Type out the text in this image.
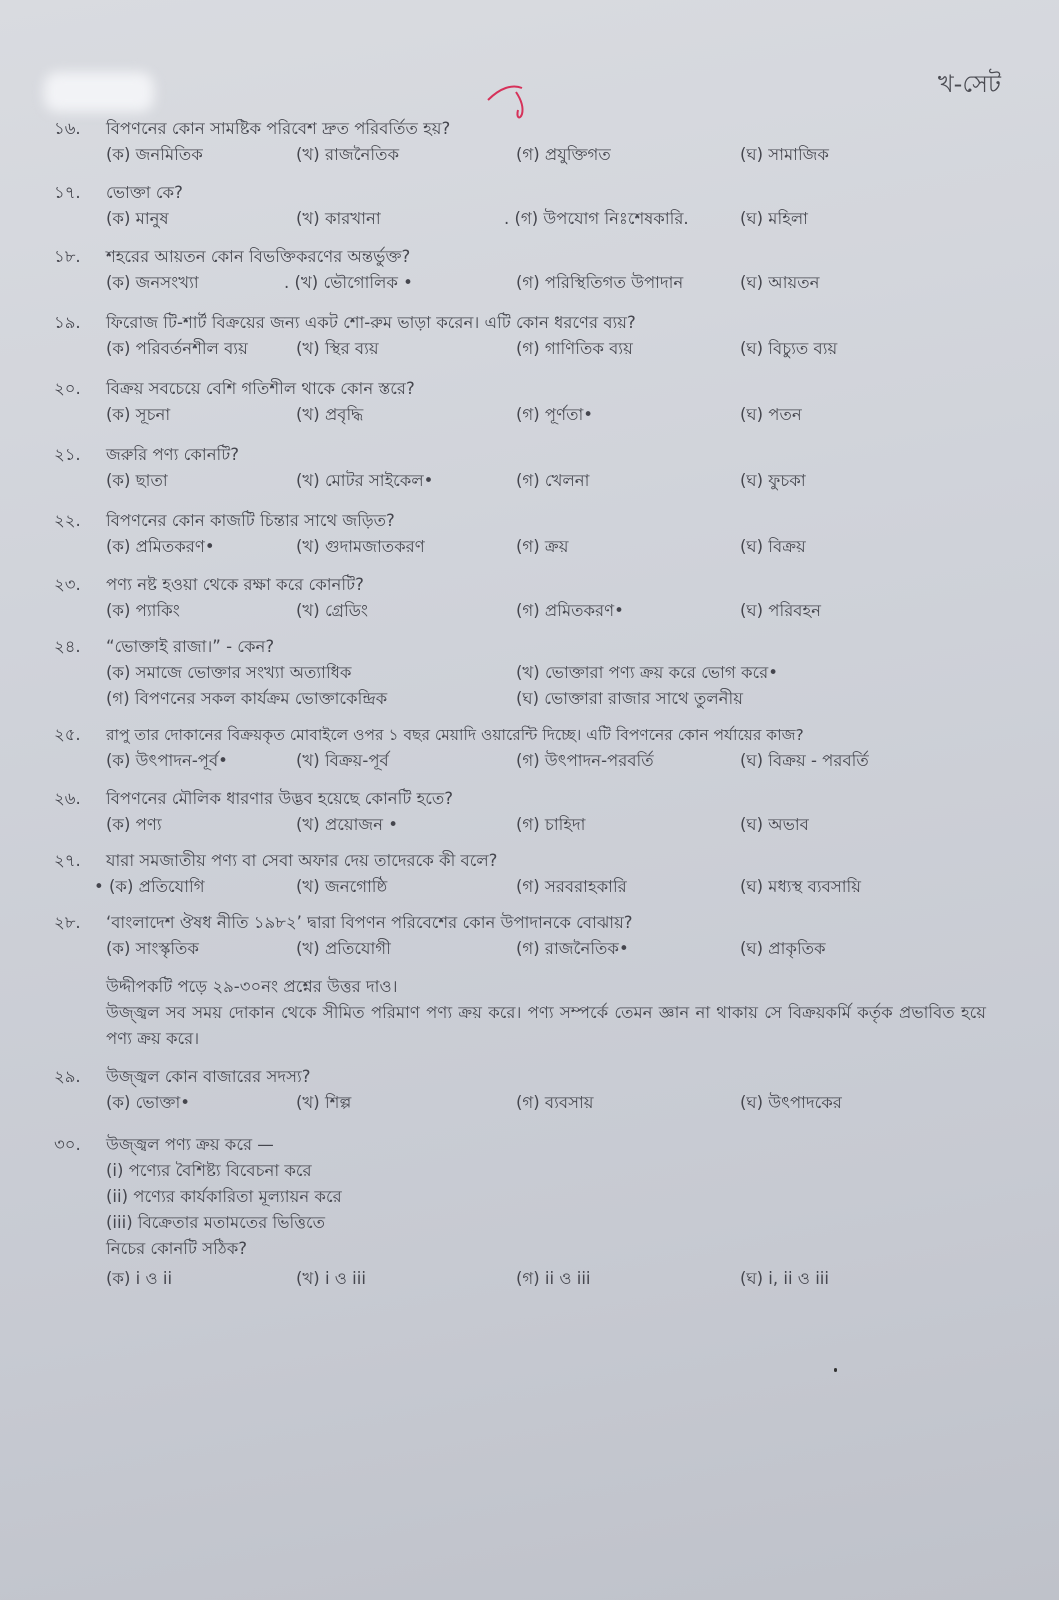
খ-সেট
১৬.	বিপণনের কোন সামষ্টিক পরিবেশ দ্রুত পরিবর্তিত হয়?
(ক) জনমিতিক	(খ) রাজনৈতিক	(গ) প্রযুক্তিগত	(ঘ) সামাজিক
১৭.	ভোক্তা কে?
(ক) মানুষ	(খ) কারখানা	. (গ) উপযোগ নিঃশেষকারি.	(ঘ) মহিলা
১৮.	শহরের আয়তন কোন বিভক্তিকরণের অন্তর্ভুক্ত?
(ক) জনসংখ্যা	. (খ) ভৌগোলিক •	(গ) পরিস্থিতিগত উপাদান	(ঘ) আয়তন
১৯.	ফিরোজ টি-শার্ট বিক্রয়ের জন্য একট শো-রুম ভাড়া করেন। এটি কোন ধরণের ব্যয়?
(ক) পরিবর্তনশীল ব্যয়	(খ) স্থির ব্যয়	(গ) গাণিতিক ব্যয়	(ঘ) বিচ্যুত ব্যয়
২০.	বিক্রয় সবচেয়ে বেশি গতিশীল থাকে কোন স্তরে?
(ক) সূচনা	(খ) প্রবৃদ্ধি	(গ) পূর্ণতা•	(ঘ) পতন
২১.	জরুরি পণ্য কোনটি?
(ক) ছাতা	(খ) মোটর সাইকেল•	(গ) খেলনা	(ঘ) ফুচকা
২২.	বিপণনের কোন কাজটি চিন্তার সাথে জড়িত?
(ক) প্রমিতকরণ•	(খ) গুদামজাতকরণ	(গ) ক্রয়	(ঘ) বিক্রয়
২৩.	পণ্য নষ্ট হওয়া থেকে রক্ষা করে কোনটি?
(ক) প্যাকিং	(খ) গ্রেডিং	(গ) প্রমিতকরণ•	(ঘ) পরিবহন
২৪.	“ভোক্তাই রাজা।” - কেন?
(ক) সমাজে ভোক্তার সংখ্যা অত্যাধিক	(খ) ভোক্তারা পণ্য ক্রয় করে ভোগ করে•
(গ) বিপণনের সকল কার্যক্রম ভোক্তাকেন্দ্রিক	(ঘ) ভোক্তারা রাজার সাথে তুলনীয়
২৫.	রাপু তার দোকানের বিক্রয়কৃত মোবাইলে ওপর ১ বছর মেয়াদি ওয়ারেন্টি দিচ্ছে। এটি বিপণনের কোন পর্যায়ের কাজ?
(ক) উৎপাদন-পূর্ব•	(খ) বিক্রয়-পূর্ব	(গ) উৎপাদন-পরবর্তি	(ঘ) বিক্রয় - পরবর্তি
২৬.	বিপণনের মৌলিক ধারণার উদ্ভব হয়েছে কোনটি হতে?
(ক) পণ্য	(খ) প্রয়োজন •	(গ) চাহিদা	(ঘ) অভাব
২৭.	যারা সমজাতীয় পণ্য বা সেবা অফার দেয় তাদেরকে কী বলে?
• (ক) প্রতিযোগি	(খ) জনগোষ্ঠি	(গ) সরবরাহকারি	(ঘ) মধ্যস্থ ব্যবসায়ি
২৮.	‘বাংলাদেশ ঔষধ নীতি ১৯৮২’ দ্বারা বিপণন পরিবেশের কোন উপাদানকে বোঝায়?
(ক) সাংস্কৃতিক	(খ) প্রতিযোগী	(গ) রাজনৈতিক•	(ঘ) প্রাকৃতিক
উদ্দীপকটি পড়ে ২৯-৩০নং প্রশ্নের উত্তর দাও।
উজ্জ্বল সব সময় দোকান থেকে সীমিত পরিমাণ পণ্য ক্রয় করে। পণ্য সম্পর্কে তেমন জ্ঞান না থাকায় সে বিক্রয়কর্মি কর্তৃক প্রভাবিত হয়ে পণ্য ক্রয় করে।
২৯.	উজ্জ্বল কোন বাজারের সদস্য?
(ক) ভোক্তা•	(খ) শিল্প	(গ) ব্যবসায়	(ঘ) উৎপাদকের
৩০.	উজ্জ্বল পণ্য ক্রয় করে —
(i) পণ্যের বৈশিষ্ট্য বিবেচনা করে
(ii) পণ্যের কার্যকারিতা মূল্যায়ন করে
(iii) বিক্রেতার মতামতের ভিত্তিতে
নিচের কোনটি সঠিক?
(ক) i ও ii	(খ) i ও iii	(গ) ii ও iii	(ঘ) i, ii ও iii
